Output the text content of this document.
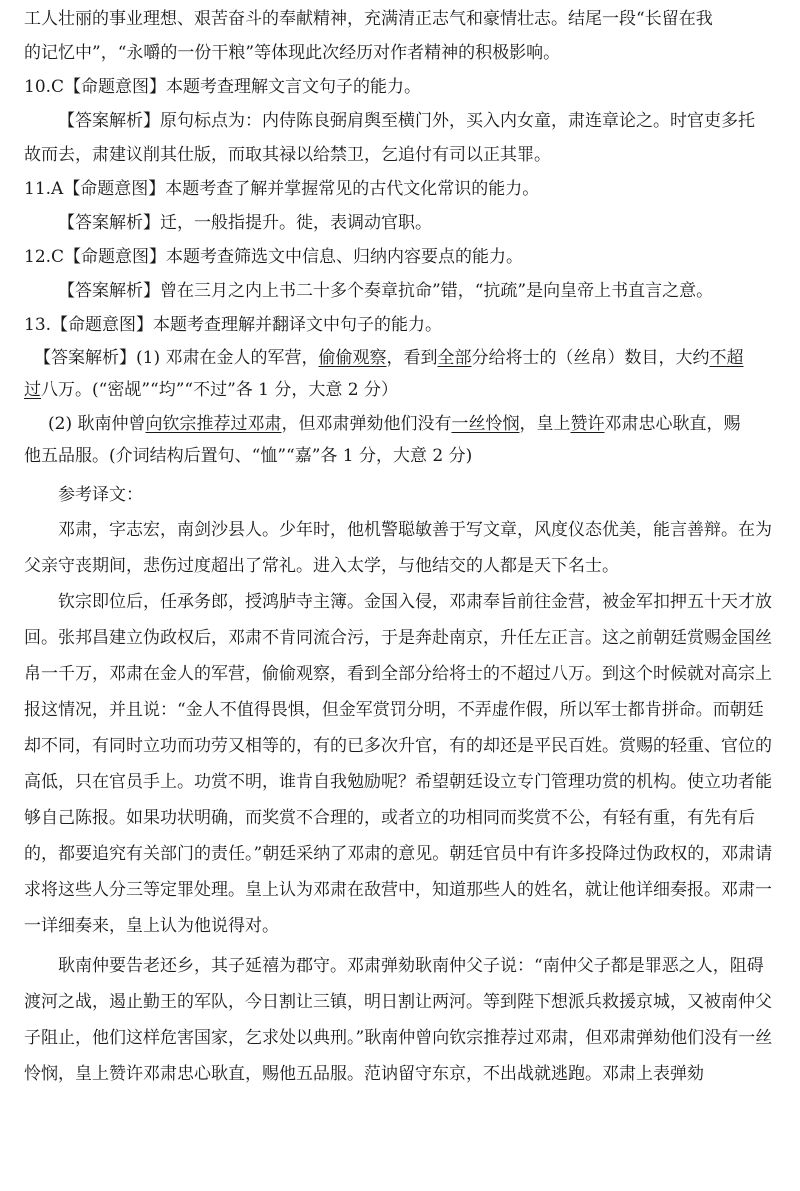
工人壮丽的事业理想、艰苦奋斗的奉献精神，充满清正志气和豪情壮志。结尾一段“长留在我

的记忆中”，“永嚼的一份干粮”等体现此次经历对作者精神的积极影响。

10.C【命题意图】本题考查理解文言文句子的能力。

【答案解析】原句标点为：内侍陈良弼肩舆至横门外，买入内女童，肃连章论之。时官吏多托

故而去，肃建议削其仕版，而取其禄以给禁卫，乞追付有司以正其罪。

11.A【命题意图】本题考查了解并掌握常见的古代文化常识的能力。

【答案解析】迁，一般指提升。徙，表调动官职。

12.C【命题意图】本题考查筛选文中信息、归纳内容要点的能力。

【答案解析】曾在三月之内上书二十多个奏章抗命”错，“抗疏”是向皇帝上书直言之意。

13.【命题意图】本题考查理解并翻译文中句子的能力。

【答案解析】(1) 邓肃在金人的军营，偷偷观察，看到全部分给将士的（丝帛）数目，大约不超
过八万。(“密觇”“均”“不过”各 1 分，大意 2 分）
(2) 耿南仲曾向钦宗推荐过邓肃，但邓肃弹劾他们没有一丝怜悯，皇上赞许邓肃忠心耿直，赐
他五品服。(介词结构后置句、“恤”“嘉”各 1 分，大意 2 分)

参考译文：

邓肃，字志宏，南剑沙县人。少年时，他机警聪敏善于写文章，风度仪态优美，能言善辩。在为父亲守丧期间，悲伤过度超出了常礼。进入太学，与他结交的人都是天下名士。

钦宗即位后，任承务郎，授鸿胪寺主簿。金国入侵，邓肃奉旨前往金营，被金军扣押五十天才放回。张邦昌建立伪政权后，邓肃不肯同流合污，于是奔赴南京，升任左正言。这之前朝廷赏赐金国丝帛一千万，邓肃在金人的军营，偷偷观察，看到全部分给将士的不超过八万。到这个时候就对高宗上报这情况，并且说：“金人不值得畏惧，但金军赏罚分明，不弄虚作假，所以军士都肯拼命。而朝廷却不同，有同时立功而功劳又相等的，有的已多次升官，有的却还是平民百姓。赏赐的轻重、官位的高低，只在官员手上。功赏不明，谁肯自我勉励呢？希望朝廷设立专门管理功赏的机构。使立功者能够自己陈报。如果功状明确，而奖赏不合理的，或者立的功相同而奖赏不公，有轻有重，有先有后的，都要追究有关部门的责任。”朝廷采纳了邓肃的意见。朝廷官员中有许多投降过伪政权的，邓肃请求将这些人分三等定罪处理。皇上认为邓肃在敌营中，知道那些人的姓名，就让他详细奏报。邓肃一一详细奏来，皇上认为他说得对。

耿南仲要告老还乡，其子延禧为郡守。邓肃弹劾耿南仲父子说：“南仲父子都是罪恶之人，阻碍渡河之战，遏止勤王的军队，今日割让三镇，明日割让两河。等到陛下想派兵救援京城，又被南仲父子阻止，他们这样危害国家，乞求处以典刑。”耿南仲曾向钦宗推荐过邓肃，但邓肃弹劾他们没有一丝怜悯，皇上赞许邓肃忠心耿直，赐他五品服。范讷留守东京，不出战就逃跑。邓肃上表弹劾
